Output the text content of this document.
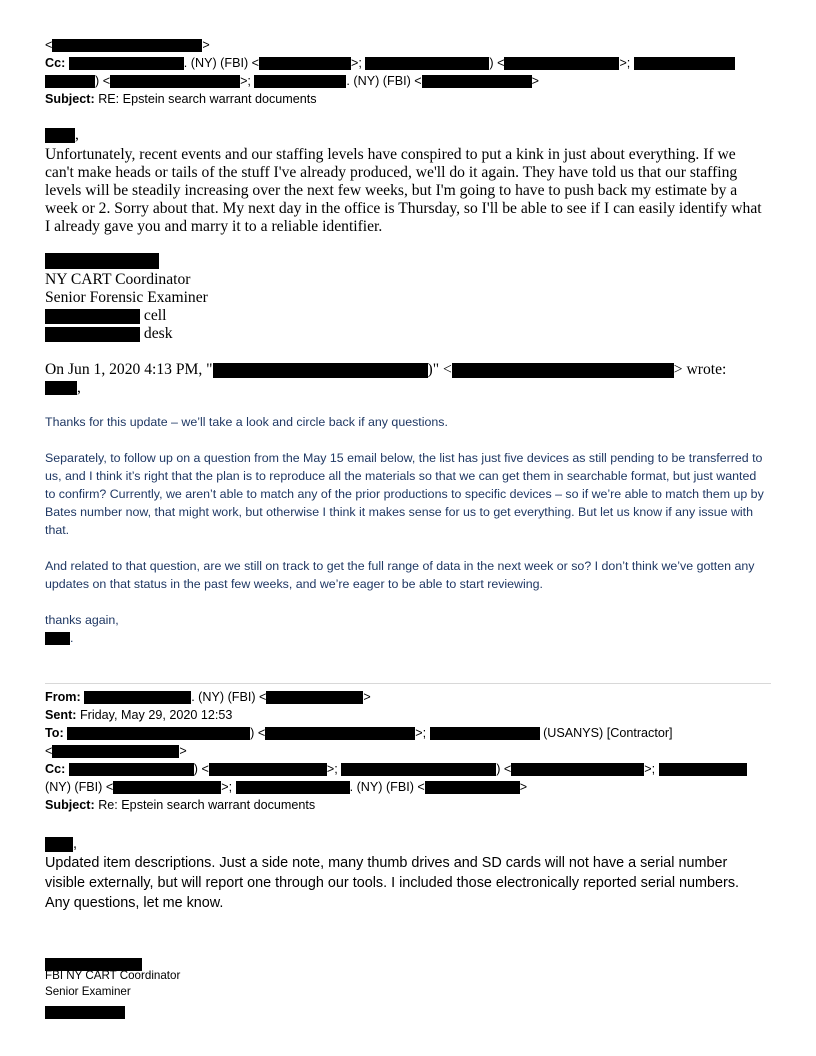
<	>
Cc:	. (NY) (FBI) <	>;	) <	>;
) <	>;	. (NY) (FBI) <	>
Subject: RE: Epstein search warrant documents
,
Unfortunately, recent events and our staffing levels have conspired to put a kink in just about everything. If we can't make heads or tails of the stuff I've already produced, we'll do it again. They have told us that our staffing levels will be steadily increasing over the next few weeks, but I'm going to have to push back my estimate by a week or 2. Sorry about that. My next day in the office is Thursday, so I'll be able to see if I can easily identify what I already gave you and marry it to a reliable identifier.
NY CART Coordinator
Senior Forensic Examiner
cell
desk
On Jun 1, 2020 4:13 PM, "	)" <	> wrote:
,
Thanks for this update – we’ll take a look and circle back if any questions.
Separately, to follow up on a question from the May 15 email below, the list has just five devices as still pending to be transferred to us, and I think it’s right that the plan is to reproduce all the materials so that we can get them in searchable format, but just wanted to confirm? Currently, we aren’t able to match any of the prior productions to specific devices – so if we’re able to match them up by Bates number now, that might work, but otherwise I think it makes sense for us to get everything. But let us know if any issue with that.
And related to that question, are we still on track to get the full range of data in the next week or so? I don’t think we’ve gotten any updates on that status in the past few weeks, and we’re eager to be able to start reviewing.
thanks again,
.
From:	. (NY) (FBI) <	>
Sent: Friday, May 29, 2020 12:53
To:	) <	>;	(USANYS) [Contractor]
<	>
Cc:	) <	>;	) <	>;
(NY) (FBI) <	>;	. (NY) (FBI) <	>
Subject: Re: Epstein search warrant documents
,
Updated item descriptions. Just a side note, many thumb drives and SD cards will not have a serial number visible externally, but will report one through our tools. I included those electronically reported serial numbers. Any questions, let me know.
FBI NY CART Coordinator
Senior Examiner
